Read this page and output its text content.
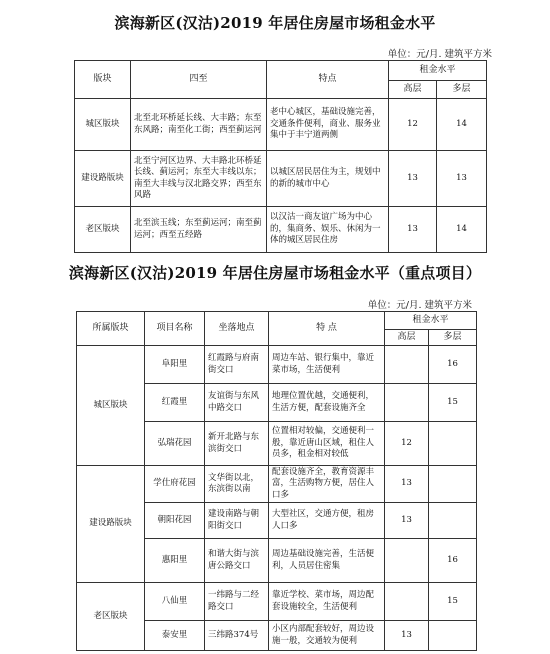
滨海新区(汉沽)2019 年居住房屋市场租金水平
单位：元/月. 建筑平方米
版块	四至	特点	租金水平	
			高层	多层
城区版块	北至北环桥延长线、大丰路；东至东风路；南至化工街；西至蓟运河	老中心城区，基础设施完善，交通条件便利，商业、服务业集中于丰宁道两侧	12	14
建设路版块	北至宁河区边界、大丰路北环桥延长线、蓟运河；东至大丰线以东；南至大丰线与汉北路交界；西至东风路	以城区居民居住为主，规划中的新的城市中心	13	13
老区版块	北至滨玉线；东至蓟运河；南至蓟运河；西至五经路	以汉沽一商友谊广场为中心的，集商务、娱乐、休闲为一体的城区居民住房	13	14
滨海新区(汉沽)2019 年居住房屋市场租金水平（重点项目）
单位：元/月. 建筑平方米
所属版块	项目名称	坐落地点	特 点	租金水平	
				高层	多层
城区版块	阜阳里	红霞路与府南街交口	周边车站、银行集中，靠近菜市场，生活便利		16
	红霞里	友谊街与东风中路交口	地理位置优越，交通便利，生活方便，配套设施齐全		15
	弘瑞花园	新开北路与东滨街交口	位置相对较偏，交通便利一般，靠近唐山区域，租住人员多，租金相对较低	12	
建设路版块	学仕府花园	文华街以北，东滨街以南	配套设施齐全，教育资源丰富，生活购物方便，居住人口多	13	
	朝阳花园	建设南路与朝阳街交口	大型社区，交通方便，租房人口多	13	
	惠阳里	和谐大街与滨唐公路交口	周边基础设施完善，生活便利，人员居住密集		16
老区版块	八仙里	一纬路与二经路交口	靠近学校、菜市场，周边配套设施较全，生活便利		15
	泰安里	三纬路374号	小区内部配套较好，周边设施一般，交通较为便利	13	
